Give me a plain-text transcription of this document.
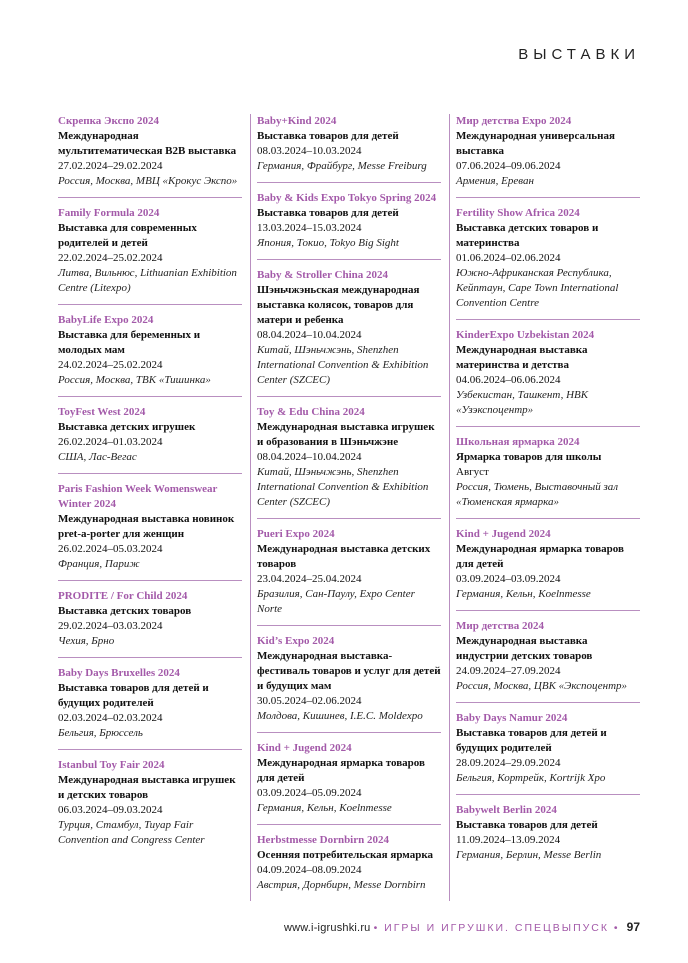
ВЫСТАВКИ
Скрепка Экспо 2024
Международная мультитематическая B2B выставка
27.02.2024–29.02.2024
Россия, Москва, МВЦ «Крокус Экспо»
Family Formula 2024
Выставка для современных родителей и детей
22.02.2024–25.02.2024
Литва, Вильнюс, Lithuanian Exhibition Centre (Litexpo)
BabyLife Expo 2024
Выставка для беременных и молодых мам
24.02.2024–25.02.2024
Россия, Москва, ТВК «Тишинка»
ToyFest West 2024
Выставка детских игрушек
26.02.2024–01.03.2024
США, Лас-Вегас
Paris Fashion Week Womenswear Winter 2024
Международная выставка новинок pret-a-porter для женщин
26.02.2024–05.03.2024
Франция, Париж
PRODITE / For Child 2024
Выставка детских товаров
29.02.2024–03.03.2024
Чехия, Брно
Baby Days Bruxelles 2024
Выставка товаров для детей и будущих родителей
02.03.2024–02.03.2024
Бельгия, Брюссель
Istanbul Toy Fair 2024
Международная выставка игрушек и детских товаров
06.03.2024–09.03.2024
Турция, Стамбул, Tuyap Fair Convention and Congress Center
Baby+Kind 2024
Выставка товаров для детей
08.03.2024–10.03.2024
Германия, Фрайбург, Messe Freiburg
Baby & Kids Expo Tokyo Spring 2024
Выставка товаров для детей
13.03.2024–15.03.2024
Япония, Токио, Tokyo Big Sight
Baby & Stroller China 2024
Шэньчжэньская международная выставка колясок, товаров для матери и ребенка
08.04.2024–10.04.2024
Китай, Шэньчжэнь, Shenzhen International Convention & Exhibition Center (SZCEC)
Toy & Edu China 2024
Международная выставка игрушек и образования в Шэньчжэне
08.04.2024–10.04.2024
Китай, Шэньчжэнь, Shenzhen International Convention & Exhibition Center (SZCEC)
Pueri Expo 2024
Международная выставка детских товаров
23.04.2024–25.04.2024
Бразилия, Сан-Паулу, Expo Center Norte
Kid’s Expo 2024
Международная выставка-фестиваль товаров и услуг для детей и будущих мам
30.05.2024–02.06.2024
Молдова, Кишинев, I.E.C. Moldexpo
Kind + Jugend 2024
Международная ярмарка товаров для детей
03.09.2024–05.09.2024
Германия, Кельн, Koelnmesse
Herbstmesse Dornbirn 2024
Осенняя потребительская ярмарка
04.09.2024–08.09.2024
Австрия, Дорнбирн, Messe Dornbirn
Мир детства Expo 2024
Международная универсальная выставка
07.06.2024–09.06.2024
Армения, Ереван
Fertility Show Africa 2024
Выставка детских товаров и материнства
01.06.2024–02.06.2024
Южно-Африканская Республика, Кейптаун, Cape Town International Convention Centre
KinderExpo Uzbekistan 2024
Международная выставка материнства и детства
04.06.2024–06.06.2024
Узбекистан, Ташкент, НВК «Узэкспоцентр»
Школьная ярмарка 2024
Ярмарка товаров для школы
Август
Россия, Тюмень, Выставочный зал «Тюменская ярмарка»
Kind + Jugend 2024
Международная ярмарка товаров для детей
03.09.2024–03.09.2024
Германия, Кельн, Koelnmesse
Мир детства 2024
Международная выставка индустрии детских товаров
24.09.2024–27.09.2024
Россия, Москва, ЦВК «Экспоцентр»
Baby Days Namur 2024
Выставка товаров для детей и будущих родителей
28.09.2024–29.09.2024
Бельгия, Кортрейк, Kortrijk Xpo
Babywelt Berlin 2024
Выставка товаров для детей
11.09.2024–13.09.2024
Германия, Берлин, Messe Berlin
www.i-igrushki.ru • ИГРЫ И ИГРУШКИ. СПЕЦВЫПУСК • 97
